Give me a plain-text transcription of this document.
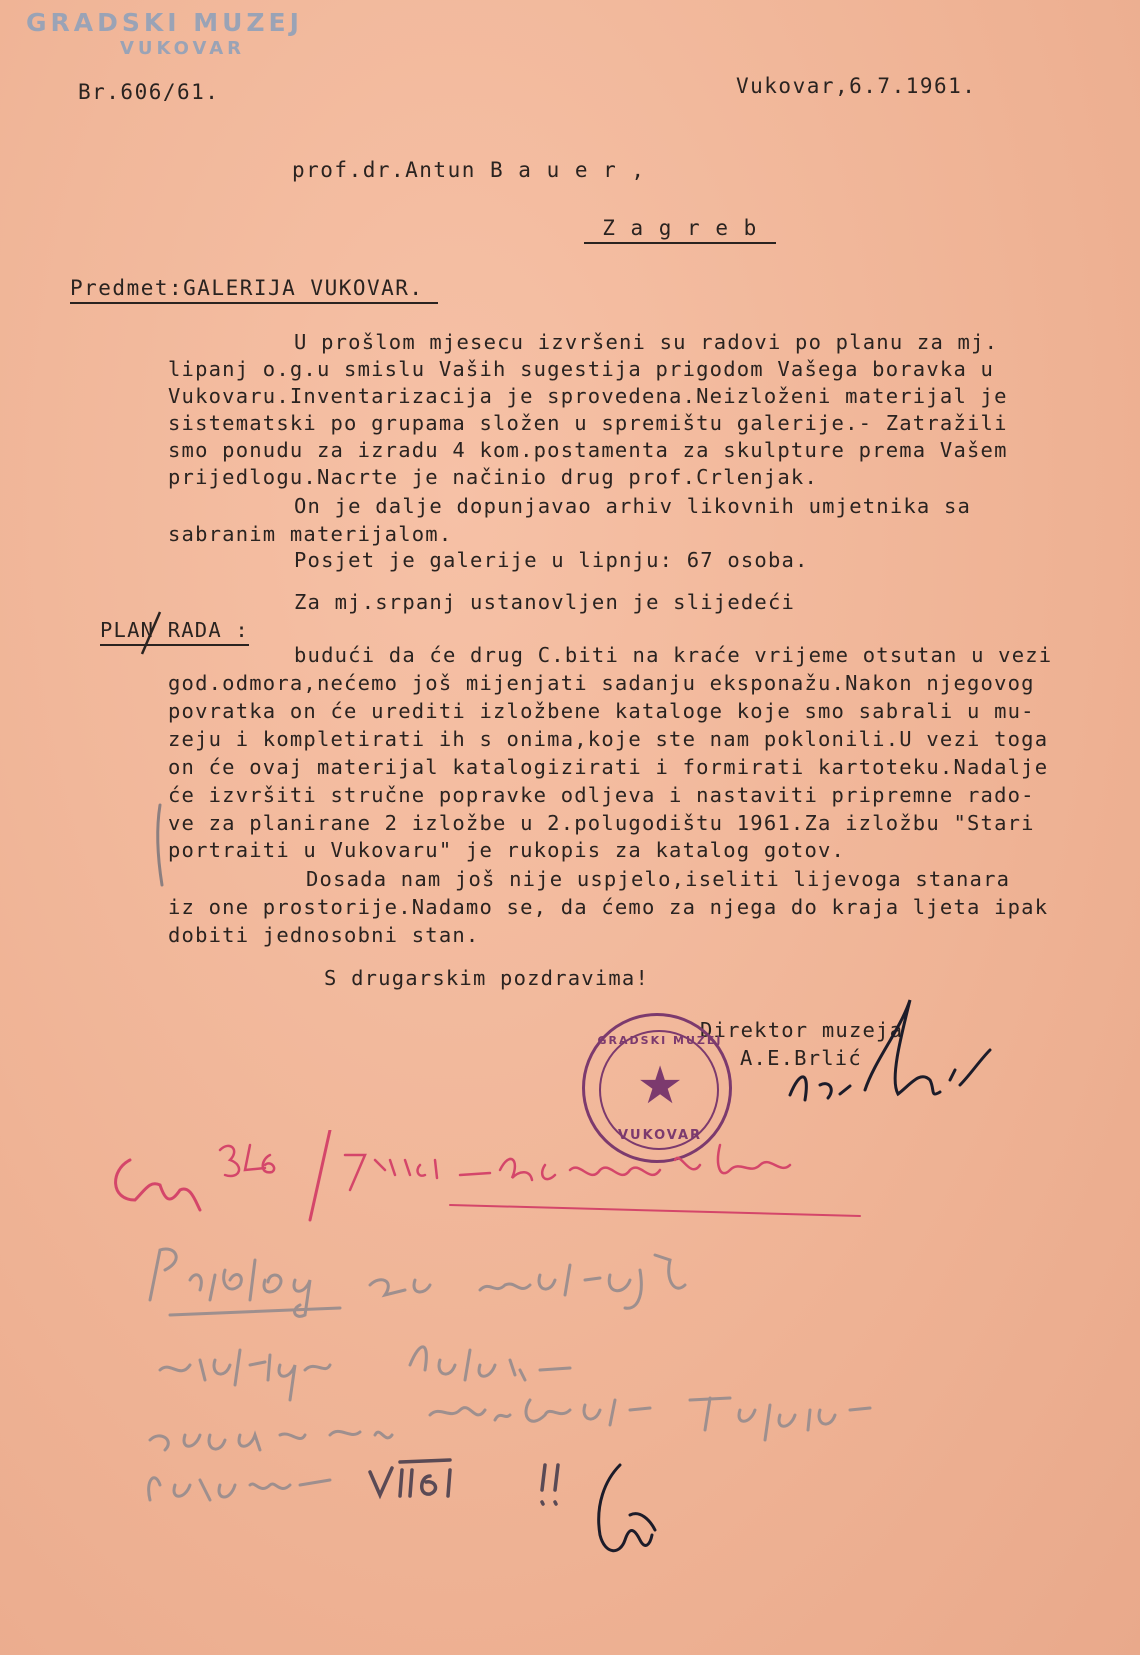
GRADSKI MUZEJ
VUKOVAR
Br.606/61.	Vukovar,6.7.1961.
prof.dr.Antun B a u e r ,
Z a g r e b
Predmet:GALERIJA VUKOVAR.
U prošlom mjesecu izvršeni su radovi po planu za mj.
lipanj o.g.u smislu Vaših sugestija prigodom Vašega boravka u
Vukovaru.Inventarizacija je sprovedena.Neizloženi materijal je
sistematski po grupama složen u spremištu galerije.- Zatražili
smo ponudu za izradu 4 kom.postamenta za skulpture prema Vašem
prijedlogu.Nacrte je načinio drug prof.Crlenjak.
On je dalje dopunjavao arhiv likovnih umjetnika sa
sabranim materijalom.
Posjet je galerije u lipnju: 67 osoba.
Za mj.srpanj ustanovljen je slijedeći
PLAN RADA :
budući da će drug C.biti na kraće vrijeme otsutan u vezi
god.odmora,nećemo još mijenjati sadanju eksponažu.Nakon njegovog
povratka on će urediti izložbene kataloge koje smo sabrali u mu-
zeju i kompletirati ih s onima,koje ste nam poklonili.U vezi toga
on će ovaj materijal katalogizirati i formirati kartoteku.Nadalje
će izvršiti stručne popravke odljeva i nastaviti pripremne rado-
ve za planirane 2 izložbe u 2.polugodištu 1961.Za izložbu "Stari
portraiti u Vukovaru" je rukopis za katalog gotov.
Dosada nam još nije uspjelo,iseliti lijevoga stanara
iz one prostorije.Nadamo se, da ćemo za njega do kraja ljeta ipak
dobiti jednosobni stan.
S drugarskim pozdravima!
Direktor muzeja
A.E.Brlić
GRADSKI MUZEJ
★
VUKOVAR
